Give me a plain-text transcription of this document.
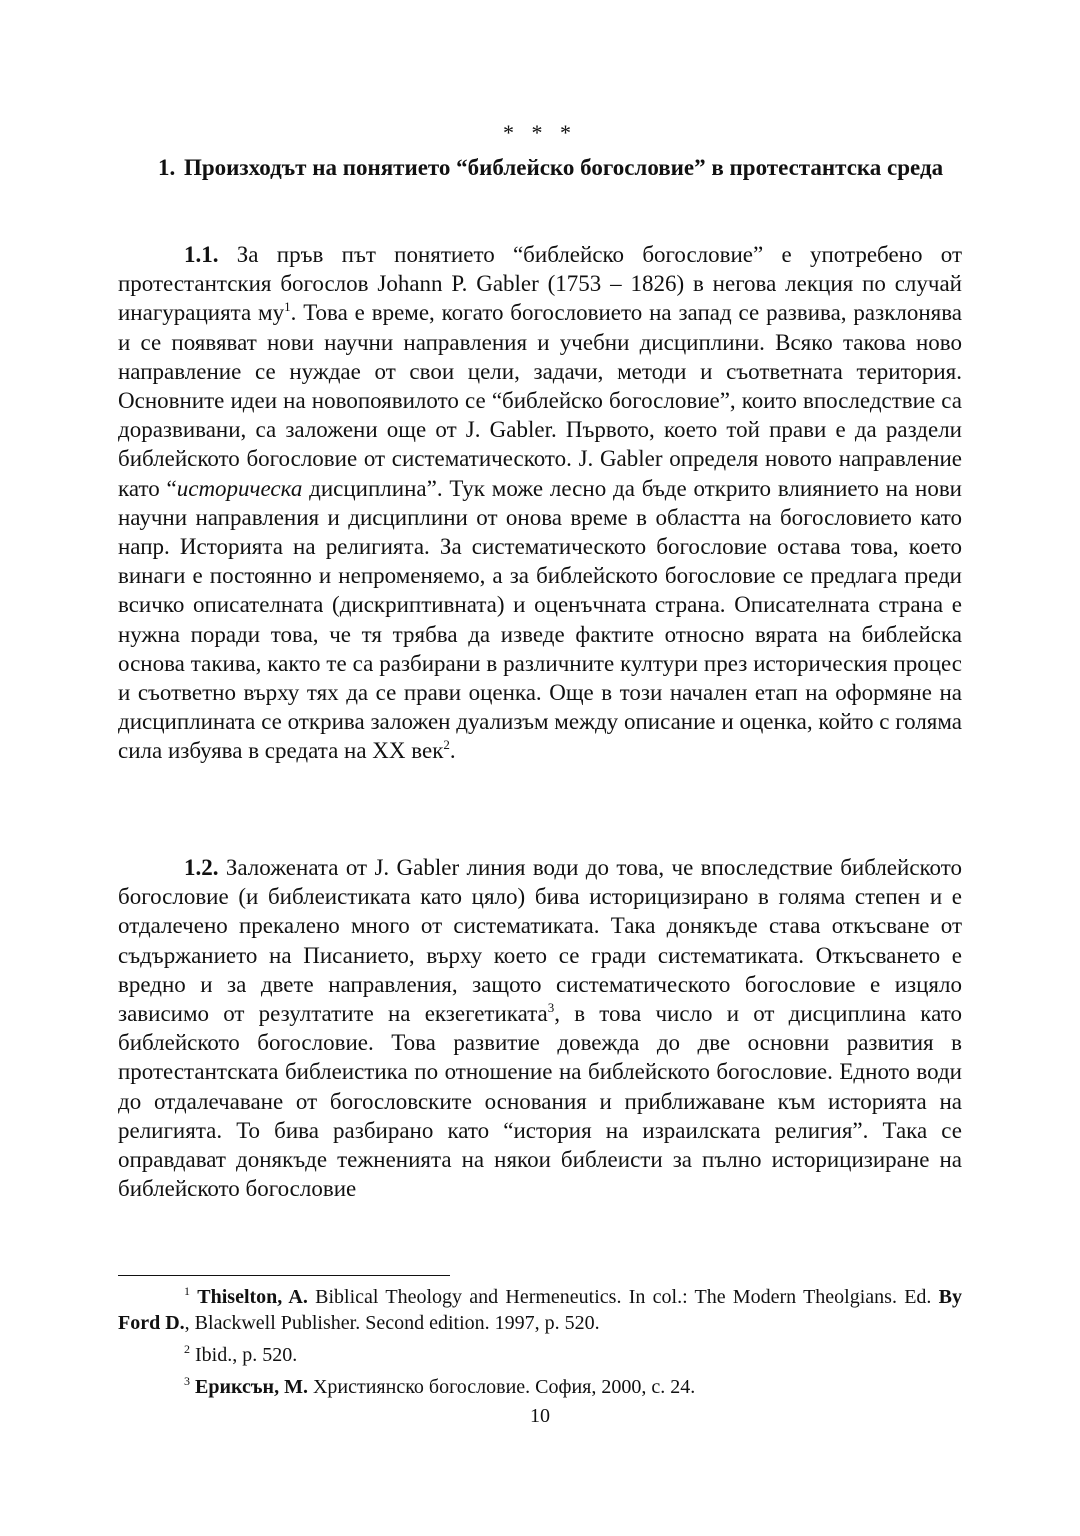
* * *
1. Произходът на понятието “библейско богословие” в протестантска среда

1.1. За пръв път понятието “библейско богословие” е употребено от протестантския богослов Johann P. Gabler (1753 – 1826) в негова лекция по случай инагурацията $му^1$. Това е време, когато богословието на запад се развива, разклонява и се появяват нови научни направления и учебни дисциплини. Всяко такова ново направление се нуждае от свои цели, задачи, методи и съответната територия. Основните идеи на новопоявилото се “библейско богословие”, които впоследствие са доразвивани, са заложени още от J. Gabler. Първото, което той прави е да раздели библейското богословие от систематическото. J. Gabler определя новото направление като “историческа дисциплина”. Тук може лесно да бъде открито влиянието на нови научни направления и дисциплини от онова време в областта на богословието като напр. Историята на религията. За систематическото богословие остава това, което винаги е постоянно и непроменяемо, а за библейското богословие се предлага преди всичко описателната (дискриптивната) и оценъчната страна. Описателната страна е нужна поради това, че тя трябва да изведе фактите относно вярата на библейска основа такива, както те са разбирани в различните култури през историческия процес и съответно върху тях да се прави оценка. Още в този начален етап на оформяне на дисциплината се открива заложен дуализъм между описание и оценка, който с голяма сила избуява в средата на XX век$^2$.

1.2. Заложената от J. Gabler линия води до това, че впоследствие библейското богословие (и библеистиката като цяло) бива историцизирано в голяма степен и е отдалечено прекалено много от систематиката. Така донякъде става откъсване от съдържанието на Писанието, върху което се гради систематиката. Откъсването е вредно и за двете направления, защото систематическото богословие е изцяло зависимо от резултатите на екзегетиката$^3$, в това число и от дисциплина като библейското богословие. Това развитие довежда до две основни развития в протестантската библеистика по отношение на библейското богословие. Едното води до отдалечаване от богословските основания и приближаване към историята на религията. То бива разбирано като “история на израилската религия”. Така се оправдават донякъде тежненията на някои библеисти за пълно историцизиране на библейското богословие

$^1$ Thiselton, A. Biblical Theology and Hermeneutics. In col.: The Modern Theolgians. Ed. By Ford D., Blackwell Publisher. Second edition. 1997, p. 520.

$^2$ Ibid., p. 520.

$^3$ Ериксън, М. Християнско богословие. София, 2000, с. 24.

10
